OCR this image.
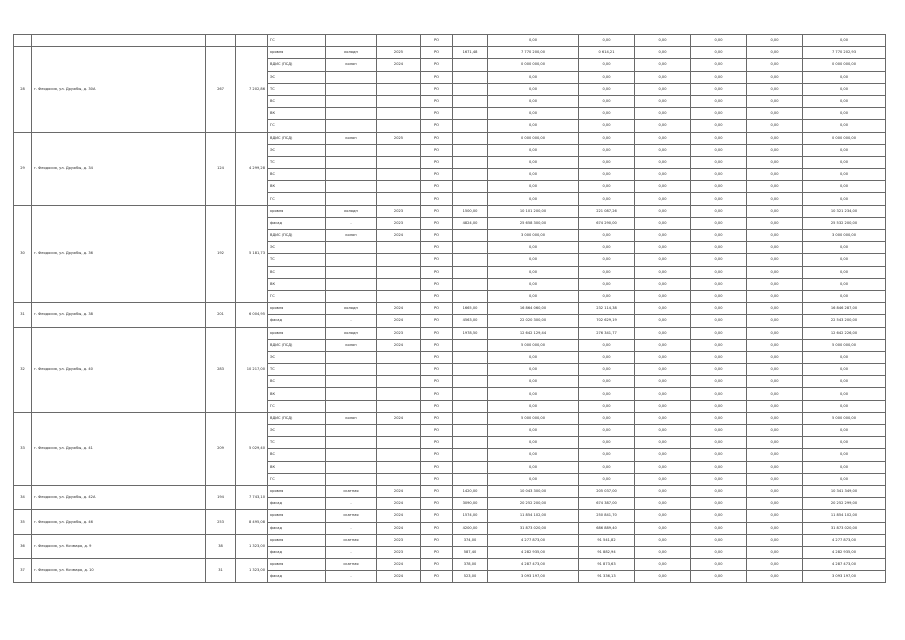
				ГС			РО		0,00	0,00	0,00	0,00	0,00	0,00
28	г. Феодосия, ул. Дружбы, д. 30А	267	7 202,86	кровля	колодн	2025	РО	1671,48	7 770 200,00	0 614,21	0,00	0,00	0,00	7 770 202,93
				ВДИС (ПСД)	колон	2024	РО		0 000 000,00	0,00	0,00	0,00	0,00	0 000 000,00
				ЭС			РО		0,00	0,00	0,00	0,00	0,00	0,00
				ТС			РО		0,00	0,00	0,00	0,00	0,00	0,00
				ВС			РО		0,00	0,00	0,00	0,00	0,00	0,00
				ВК			РО		0,00	0,00	0,00	0,00	0,00	0,00
				ГС			РО		0,00	0,00	0,00	0,00	0,00	0,00
29	г. Феодосия, ул. Дружбы, д. 34	124	4 299,28	ВДИС (ПСД)	колон	2025	РО		0 000 000,00	0,00	0,00	0,00	0,00	0 000 000,00
				ЭС			РО		0,00	0,00	0,00	0,00	0,00	0,00
				ТС			РО		0,00	0,00	0,00	0,00	0,00	0,00
				ВС			РО		0,00	0,00	0,00	0,00	0,00	0,00
				ВК			РО		0,00	0,00	0,00	0,00	0,00	0,00
				ГС			РО		0,00	0,00	0,00	0,00	0,00	0,00
30	г. Феодосия, ул. Дружбы, д. 36	192	5 181,73	кровля	колодн	2023	РО	1500,00	10 101 200,00	221 087,26	0,00	0,00	0,00	10 321 234,00
				фасад	-	2023	РО	4824,00	25 658 300,00	674 290,00	0,00	0,00	0,00	25 532 200,00
				ВДИС (ПСД)	колон	2024	РО		3 000 000,00	0,00	0,00	0,00	0,00	3 000 000,00
				ЭС			РО		0,00	0,00	0,00	0,00	0,00	0,00
				ТС			РО		0,00	0,00	0,00	0,00	0,00	0,00
				ВС			РО		0,00	0,00	0,00	0,00	0,00	0,00
				ВК			РО		0,00	0,00	0,00	0,00	0,00	0,00
				ГС			РО		0,00	0,00	0,00	0,00	0,00	0,00
31	г. Феодосия, ул. Дружбы, д. 38	201	6 004,95	кровля	колодн	2024	РО	1665,00	16 864 060,00	232 114,38	0,00	0,00	0,00	16 846 287,00
				фасад	-	2024	РО	4563,00	22 020 300,00	702 629,19	0,00	0,00	0,00	22 543 200,00
32	г. Феодосия, ул. Дружбы, д. 40	283	10 217,00	кровля	колодн	2023	РО	1978,50	12 642 129,44	276 341,77	0,00	0,00	0,00	12 642 226,00
				ВДИС (ПСД)	колон	2024	РО		5 000 000,00	0,00	0,00	0,00	0,00	5 000 000,00
				ЭС			РО		0,00	0,00	0,00	0,00	0,00	0,00
				ТС			РО		0,00	0,00	0,00	0,00	0,00	0,00
				ВС			РО		0,00	0,00	0,00	0,00	0,00	0,00
				ВК			РО		0,00	0,00	0,00	0,00	0,00	0,00
				ГС			РО		0,00	0,00	0,00	0,00	0,00	0,00
33	г. Феодосия, ул. Дружбы, д. 41	209	5 029,40	ВДИС (ПСД)	колон	2024	РО		5 000 000,00	0,00	0,00	0,00	0,00	5 000 000,00
				ЭС			РО		0,00	0,00	0,00	0,00	0,00	0,00
				ТС			РО		0,00	0,00	0,00	0,00	0,00	0,00
				ВС			РО		0,00	0,00	0,00	0,00	0,00	0,00
				ВК			РО		0,00	0,00	0,00	0,00	0,00	0,00
				ГС			РО		0,00	0,00	0,00	0,00	0,00	0,00
34	г. Феодосия, ул. Дружбы, д. 42А	194	7 743,10	кровля	скатная	2024	РО	1420,00	10 043 300,00	205 037,00	0,00	0,00	0,00	10 341 349,00
				фасад	-	2024	РО	3090,00	20 252 200,00	674 387,00	0,00	0,00	0,00	20 252 299,00
35	г. Феодосия, ул. Дружбы, д. 46	253	8 495,08	кровля	скатная	2024	РО	1574,00	11 854 102,00	250 841,70	0,00	0,00	0,00	11 854 102,00
				фасад	-	2024	РО	4200,00	31 873 020,00	686 889,40	0,00	0,00	0,00	31 873 020,00
36	г. Феодосия, ул. Кочмара, д. 9	38	1 323,00	кровля	скатная	2023	РО	374,00	4 277 873,00	91 541,82	0,00	0,00	0,00	4 277 873,00
				фасад	-	2023	РО	587,40	4 282 935,00	91 882,94	0,00	0,00	0,00	4 282 935,00
37	г. Феодосия, ул. Кочмара, д. 10	31	1 323,00	кровля	скатная	2024	РО	378,00	4 287 473,00	91 873,63	0,00	0,00	0,00	4 287 473,00
				фасад	-	2024	РО	523,00	3 093 197,00	91 336,13	0,00	0,00	0,00	3 093 197,00
